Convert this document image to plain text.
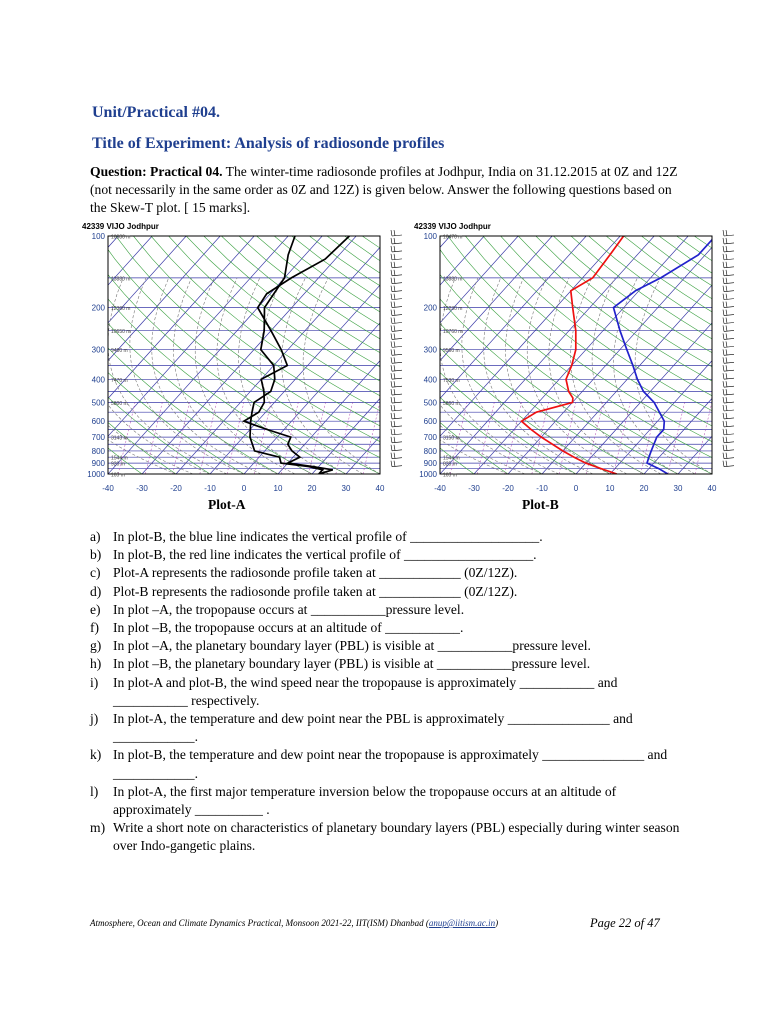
Unit/Practical #04.
Title of Experiment: Analysis of radiosonde profiles
Question: Practical 04. The winter-time radiosonde profiles at Jodhpur, India on 31.12.2015 at 0Z and 12Z (not necessarily in the same order as 0Z and 12Z) is given below. Answer the following questions based on the Skew-T plot. [ 15 marks].
42339 VIJO Jodhpur
100
200
300
400
500
600
700
800
900
1000
-40	-30	-20	-10	0	10	20	30	40
16380 m
13880 m
12300 m
10650 m
9480 m
7470 m
5800 m
3143 m
1544 m
920 m
165 m
Plot-A
42339 VIJO Jodhpur
100
200
300
400
500
600
700
800
900
1000
-40	-30	-20	-10	0	10	20	30	40
16470 m
13880 m
12230 m
10760 m
9560 m
7530 m
5860 m
3150 m
1544 m
825 m
165 m
Plot-B
a) In plot-B, the blue line indicates the vertical profile of ___________________.
b) In plot-B, the red line indicates the vertical profile of ___________________.
c) Plot-A represents the radiosonde profile taken at ____________ (0Z/12Z).
d) Plot-B represents the radiosonde profile taken at ____________ (0Z/12Z).
e) In plot –A, the tropopause occurs at ___________pressure level.
f)	In plot –B, the tropopause occurs at an altitude of ___________.
g) In plot –A, the planetary boundary layer (PBL) is visible at ___________pressure level.
h) In plot –B, the planetary boundary layer (PBL) is visible at ___________pressure level.
i)	In plot-A and plot-B, the wind speed near the tropopause is approximately ___________ and ___________ respectively.
j)	In plot-A, the temperature and dew point near the PBL is approximately _______________ and ____________.
k) In plot-B, the temperature and dew point near the tropopause is approximately _______________ and ____________.
l)	In plot-A, the first major temperature inversion below the tropopause occurs at an altitude of approximately __________ .
m) Write a short note on characteristics of planetary boundary layers (PBL) especially during winter season over Indo-gangetic plains.
Atmosphere, Ocean and Climate Dynamics Practical, Monsoon 2021-22, IIT(ISM) Dhanbad (anup@iitism.ac.in)	Page 22 of 47
